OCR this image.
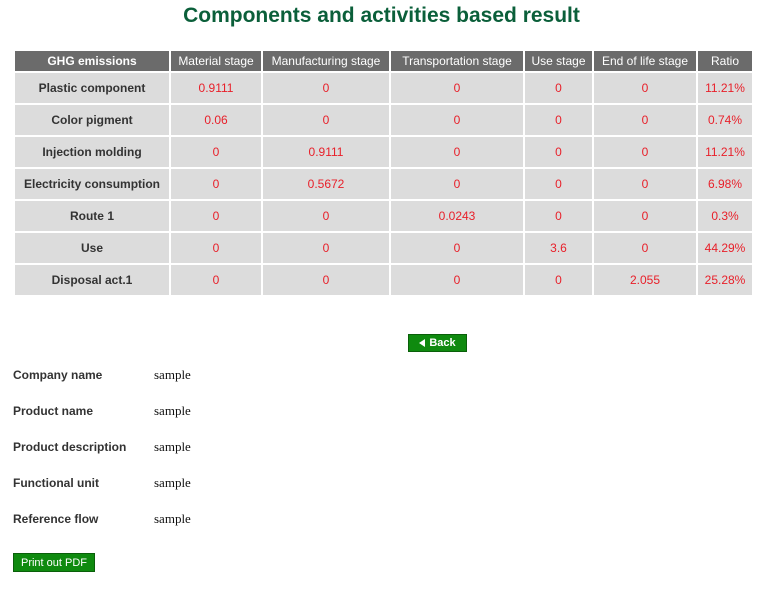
Components and activities based result
GHG emissions	Material stage	Manufacturing stage	Transportation stage	Use stage	End of life stage	Ratio
Plastic component	0.9111	0	0	0	0	11.21%
Color pigment	0.06	0	0	0	0	0.74%
Injection molding	0	0.9111	0	0	0	11.21%
Electricity consumption	0	0.5672	0	0	0	6.98%
Route 1	0	0	0.0243	0	0	0.3%
Use	0	0	0	3.6	0	44.29%
Disposal act.1	0	0	0	0	2.055	25.28%
Back
Company name	sample
Product name	sample
Product description	sample
Functional unit	sample
Reference flow	sample
Print out PDF
